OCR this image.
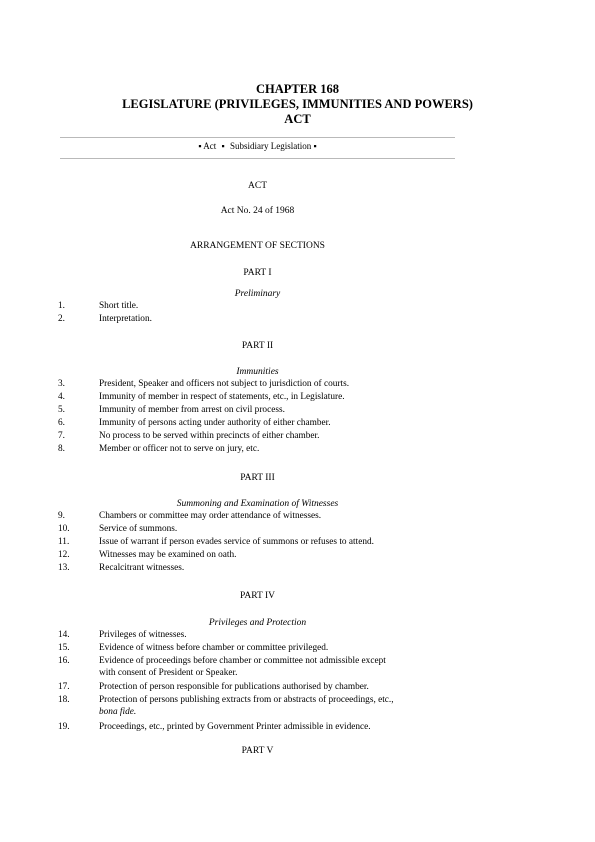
CHAPTER 168
LEGISLATURE (PRIVILEGES, IMMUNITIES AND POWERS)
ACT
▪ Act ▪ Subsidiary Legislation ▪
ACT
Act No. 24 of 1968
ARRANGEMENT OF SECTIONS
PART I
Preliminary
1.	Short title.
2.	Interpretation.
PART II
Immunities
3.	President, Speaker and officers not subject to jurisdiction of courts.
4.	Immunity of member in respect of statements, etc., in Legislature.
5.	Immunity of member from arrest on civil process.
6.	Immunity of persons acting under authority of either chamber.
7.	No process to be served within precincts of either chamber.
8.	Member or officer not to serve on jury, etc.
PART III
Summoning and Examination of Witnesses
9.	Chambers or committee may order attendance of witnesses.
10.	Service of summons.
11.	Issue of warrant if person evades service of summons or refuses to attend.
12.	Witnesses may be examined on oath.
13.	Recalcitrant witnesses.
PART IV
Privileges and Protection
14.	Privileges of witnesses.
15.	Evidence of witness before chamber or committee privileged.
16.	Evidence of proceedings before chamber or committee not admissible except
with consent of President or Speaker.
17.	Protection of person responsible for publications authorised by chamber.
18.	Protection of persons publishing extracts from or abstracts of proceedings, etc.,
bona fide.
19.	Proceedings, etc., printed by Government Printer admissible in evidence.
PART V
